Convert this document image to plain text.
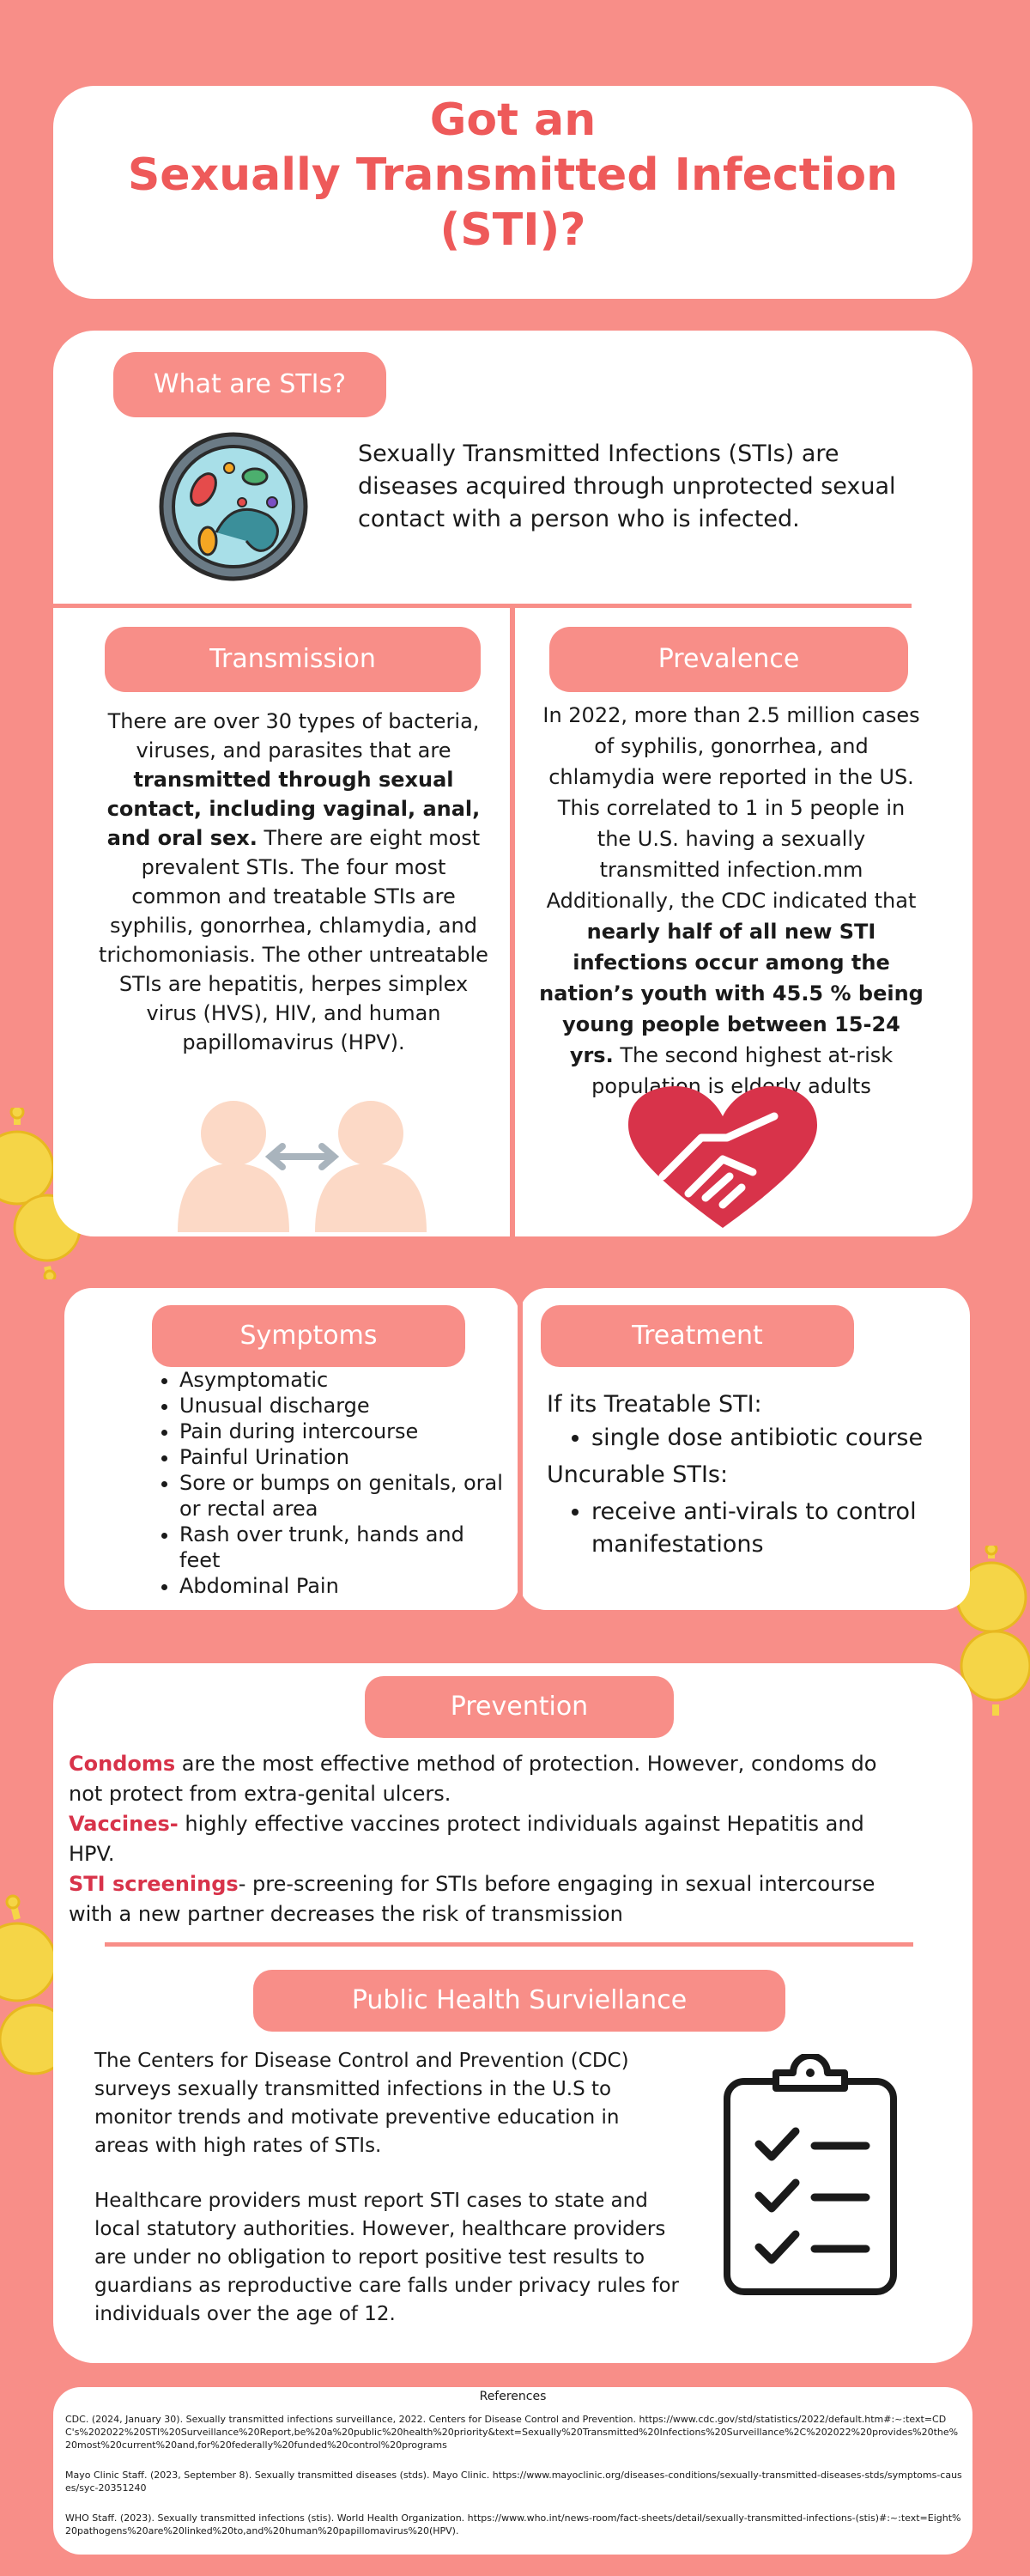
Got an
Sexually Transmitted Infection
(STI)?
What are STIs?

Sexually Transmitted Infections (STIs) are diseases acquired through unprotected sexual contact with a person who is infected.

Transmission

There are over 30 types of bacteria, viruses, and parasites that are transmitted through sexual contact, including vaginal, anal, and oral sex. There are eight most prevalent STIs. The four most common and treatable STIs are syphilis, gonorrhea, chlamydia, and trichomoniasis. The other untreatable STIs are hepatitis, herpes simplex virus (HVS), HIV, and human papillomavirus (HPV).

Prevalence

In 2022, more than 2.5 million cases of syphilis, gonorrhea, and chlamydia were reported in the US. This correlated to 1 in 5 people in the U.S. having a sexually transmitted infection.mm Additionally, the CDC indicated that nearly half of all new STI infections occur among the nation’s youth with 45.5 % being young people between 15-24 yrs. The second highest at-risk population is elderly adults

Symptoms
• Asymptomatic
• Unusual discharge
• Pain during intercourse
• Painful Urination
• Sore or bumps on genitals, oral or rectal area
• Rash over trunk, hands and feet
• Abdominal Pain
Treatment

If its Treatable STI:

• single dose antibiotic course

Uncurable STIs:

• receive anti-virals to control manifestations
Prevention

Condoms are the most effective method of protection. However, condoms do not protect from extra-genital ulcers.

Vaccines- highly effective vaccines protect individuals against Hepatitis and HPV.

STI screenings- pre-screening for STIs before engaging in sexual intercourse with a new partner decreases the risk of transmission

Public Health Surviellance

The Centers for Disease Control and Prevention (CDC) surveys sexually transmitted infections in the U.S to monitor trends and motivate preventive education in areas with high rates of STIs.

Healthcare providers must report STI cases to state and local statutory authorities. However, healthcare providers are under no obligation to report positive test results to guardians as reproductive care falls under privacy rules for individuals over the age of 12.

References

CDC. (2024, January 30). Sexually transmitted infections surveillance, 2022. Centers for Disease Control and Prevention. https://www.cdc.gov/std/statistics/2022/default.htm#:~:text=CDC's%202022%20STI%20Surveillance%20Report,be%20a%20public%20health%20priority&text=Sexually%20Transmitted%20Infections%20Surveillance%2C%202022%20provides%20the%20most%20current%20and,for%20federally%20funded%20control%20programs

Mayo Clinic Staff. (2023, September 8). Sexually transmitted diseases (stds). Mayo Clinic. https://www.mayoclinic.org/diseases-conditions/sexually-transmitted-diseases-stds/symptoms-causes/syc-20351240

WHO Staff. (2023). Sexually transmitted infections (stis). World Health Organization. https://www.who.int/news-room/fact-sheets/detail/sexually-transmitted-infections-(stis)#:~:text=Eight%20pathogens%20are%20linked%20to,and%20human%20papillomavirus%20(HPV).
